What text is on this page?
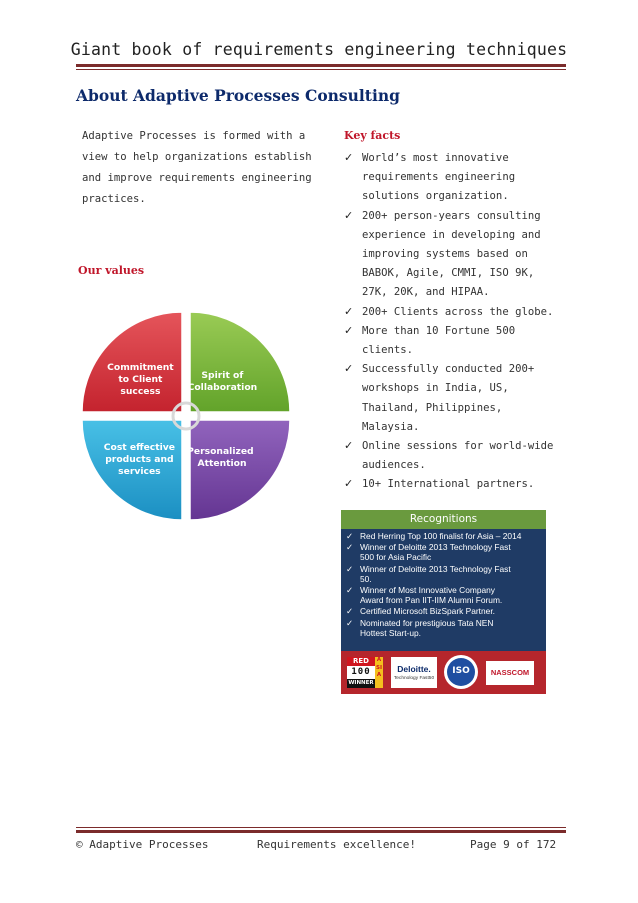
Giant book of requirements engineering techniques
About Adaptive Processes Consulting
Adaptive Processes is formed with a
view to help organizations establish
and improve requirements engineering
practices.
Our values
Commitment to Client success Spirit of Collaboration Cost effective products and services Personalized Attention
Key facts
✓ World’s most innovative
requirements engineering
solutions organization.
✓ 200+ person-years consulting
experience in developing and
improving systems based on
BABOK, Agile, CMMI, ISO 9K,
27K, 20K, and HIPAA.
✓ 200+ Clients across the globe.
✓ More than 10 Fortune 500
clients.
✓ Successfully conducted 200+
workshops in India, US,
Thailand, Philippines,
Malaysia.
✓ Online sessions for world-wide
audiences.
✓ 10+ International partners.
Recognitions
✓ Red Herring Top 100 finalist for Asia – 2014
✓ Winner of Deloitte 2013 Technology Fast
500 for Asia Pacific
✓ Winner of Deloitte 2013 Technology Fast
50.
✓ Winner of Most Innovative Company
Award from Pan IIT-IIM Alumni Forum.
✓ Certified Microsoft BizSpark Partner.
✓ Nominated for prestigious Tata NEN
Hottest Start-up.
RED
100
WINNER
ASIA
Deloitte.
Technology Fast50
ISO	NASSCOM
© Adaptive Processes	Requirements excellence!	Page 9 of 172
